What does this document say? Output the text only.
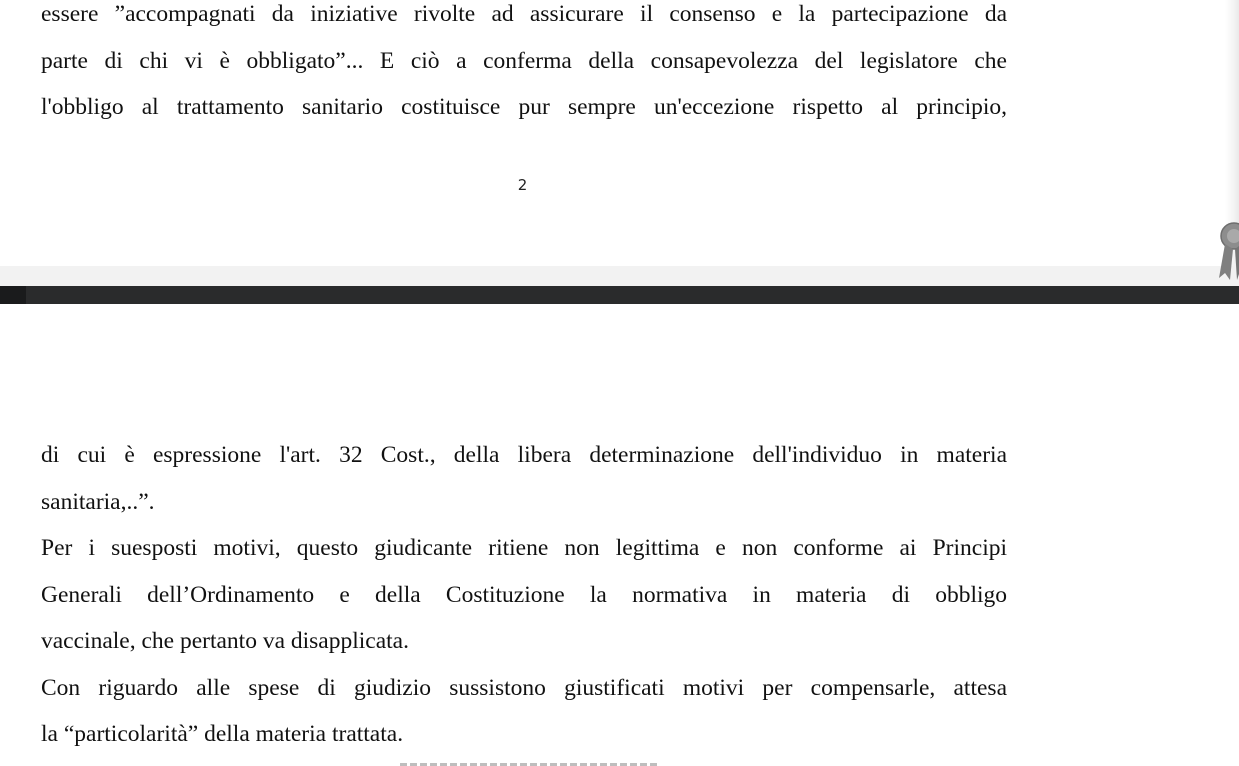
essere ”accompagnati da iniziative rivolte ad assicurare il consenso e la partecipazione da

parte di chi vi è obbligato”... E ciò a conferma della consapevolezza del legislatore che

l'obbligo al trattamento sanitario costituisce pur sempre un'eccezione rispetto al principio,

2

di cui è espressione l'art. 32 Cost., della libera determinazione dell'individuo in materia

sanitaria,..”.

Per i suesposti motivi, questo giudicante ritiene non legittima e non conforme ai Principi

Generali dell’Ordinamento e della Costituzione la normativa in materia di obbligo

vaccinale, che pertanto va disapplicata.

Con riguardo alle spese di giudizio sussistono giustificati motivi per compensarle, attesa

la “particolarità” della materia trattata.
